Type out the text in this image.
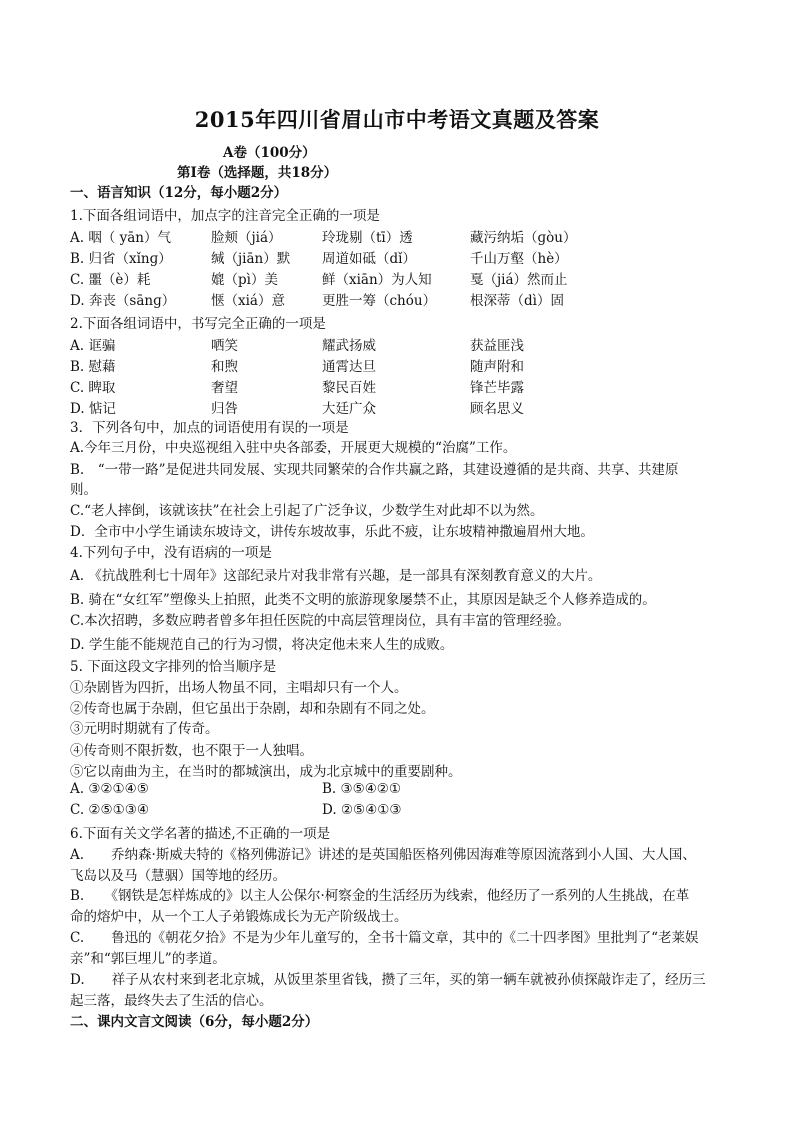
2015年四川省眉山市中考语文真题及答案
A卷（100分）
第Ⅰ卷（选择题，共18分）
一、语言知识（12分，每小题2分）
1.下面各组词语中，加点字的注音完全正确的一项是
A. 咽（ yān）气	脸颊（jiá）	玲珑剔（tī）透	藏污纳垢（ɡòu）
B. 归省（xǐnɡ）	缄（jiān）默 周道如砥（dǐ）	千山万壑（hè）
C. 噩（è）耗	媲（pì）美	鲜（xiān）为人知	戛（jiá）然而止
D. 奔丧（sānɡ）	惬（xiá）意	更胜一筹（chóu）	根深蒂（dì）固
2.下面各组词语中，书写完全正确的一项是
A. 诓骗	哂笑	耀武扬威	获益匪浅
B. 慰藉	和煦	通霄达旦	随声附和
C. 睥取	奢望	黎民百姓	锋芒毕露
D. 惦记	归咎	大廷广众	顾名思义
3．下列各句中，加点的词语使用有误的一项是
A.今年三月份，中央巡视组入驻中央各部委，开展更大规模的“治腐”工作。
B.　“一带一路”是促进共同发展、实现共同繁荣的合作共赢之路，其建设遵循的是共商、共享、共建原
则。
C.“老人摔倒，该就该扶”在社会上引起了广泛争议，少数学生对此却不以为然。
D．全市中小学生诵读东坡诗文，讲传东坡故事，乐此不疲，让东坡精神撒遍眉州大地。
4.下列句子中，没有语病的一项是
A. 《抗战胜利七十周年》这部纪录片对我非常有兴趣，是一部具有深刻教育意义的大片。
B. 骑在“女红军”塑像头上拍照，此类不文明的旅游现象屡禁不止，其原因是缺乏个人修养造成的。
C.本次招聘，多数应聘者曾多年担任医院的中高层管理岗位，具有丰富的管理经验。
D. 学生能不能规范自己的行为习惯，将决定他未来人生的成败。
5. 下面这段文字排列的恰当顺序是
①杂剧皆为四折，出场人物虽不同，主唱却只有一个人。
②传奇也属于杂剧，但它虽出于杂剧，却和杂剧有不同之处。
③元明时期就有了传奇。
④传奇则不限折数，也不限于一人独唱。
⑤它以南曲为主，在当时的都城演出，成为北京城中的重要剧种。
A. ③②①④⑤	B. ③⑤④②①
C. ②⑤①③④	D. ②⑤④①③
6.下面有关文学名著的描述,不正确的一项是
A.　　乔纳森·斯威夫特的《格列佛游记》讲述的是英国船医格列佛因海难等原因流落到小人国、大人国、
飞岛以及马（慧骃）国等地的经历。
B.　　《钢铁是怎样炼成的》以主人公保尔·柯察金的生活经历为线索，他经历了一系列的人生挑战，在革
命的熔炉中，从一个工人子弟锻炼成长为无产阶级战士。
C.　　鲁迅的《朝花夕拾》不是为少年儿童写的，全书十篇文章，其中的《二十四孝图》里批判了“老莱娱
亲”和“郭巨埋儿”的孝道。
D.　　祥子从农村来到老北京城，从饭里茶里省钱，攒了三年，买的第一辆车就被孙侦探敲诈走了，经历三
起三落，最终失去了生活的信心。
二、课内文言文阅读（6分，每小题2分）
